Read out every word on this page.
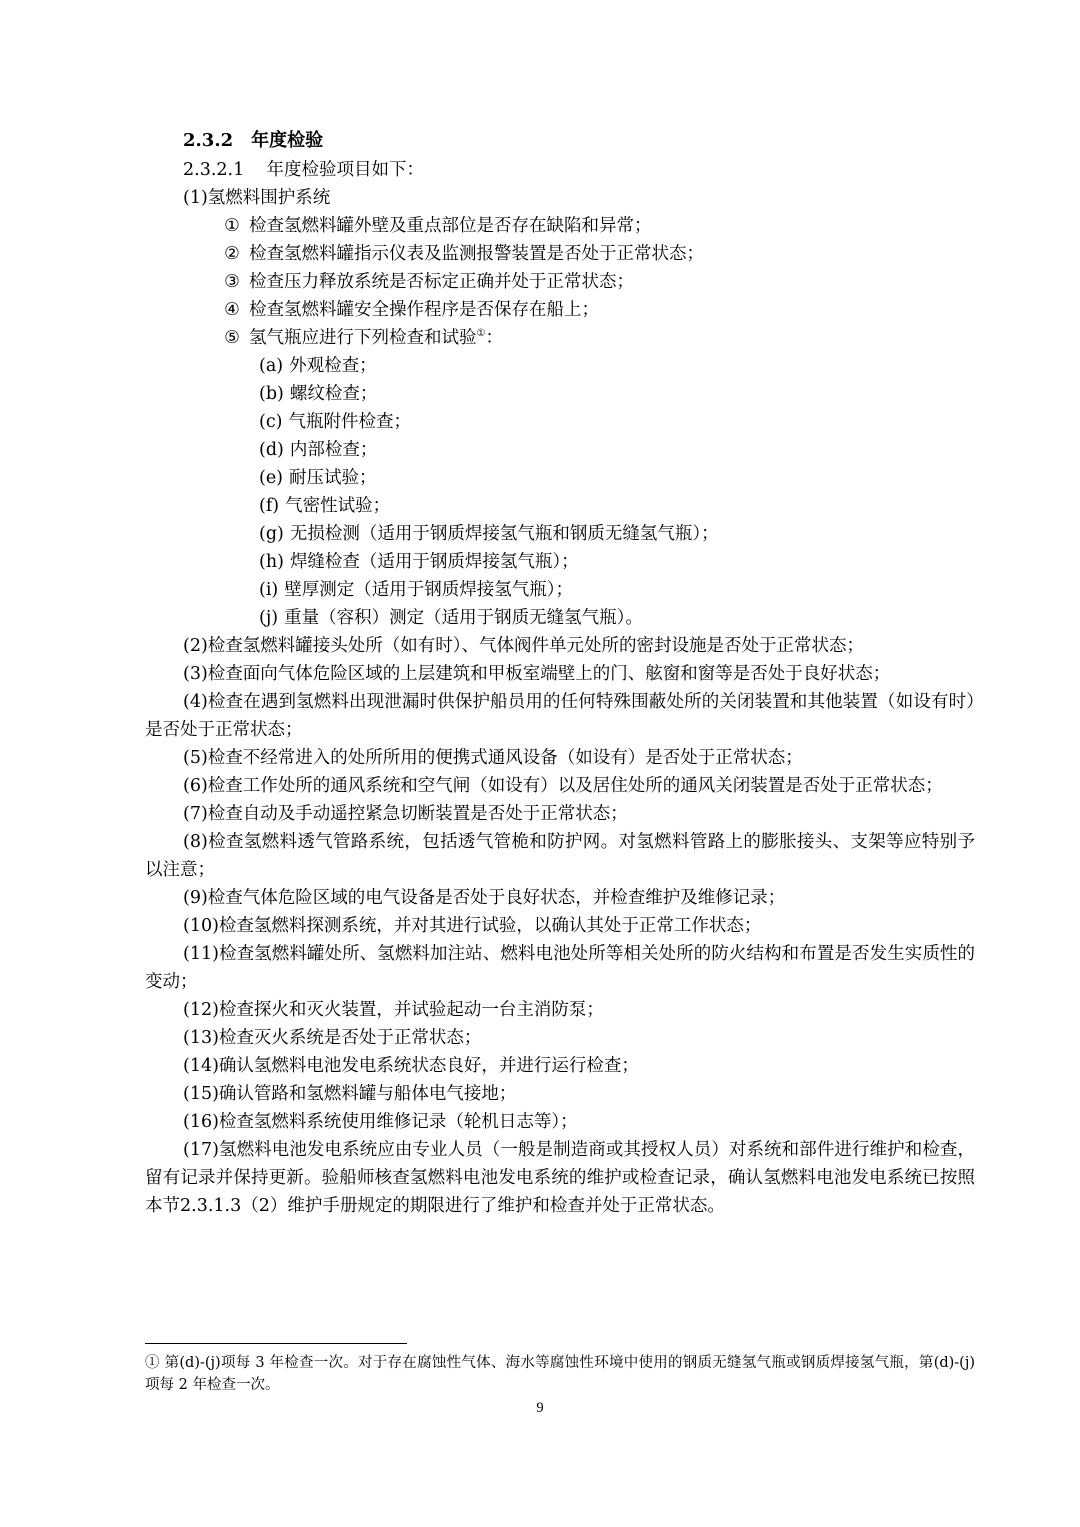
2.3.2 年度检验
2.3.2.1 年度检验项目如下：
(1)氢燃料围护系统
① 检查氢燃料罐外壁及重点部位是否存在缺陷和异常；
② 检查氢燃料罐指示仪表及监测报警装置是否处于正常状态；
③ 检查压力释放系统是否标定正确并处于正常状态；
④ 检查氢燃料罐安全操作程序是否保存在船上；
⑤ 氢气瓶应进行下列检查和试验①：
(a) 外观检查；
(b) 螺纹检查；
(c) 气瓶附件检查；
(d) 内部检查；
(e) 耐压试验；
(f) 气密性试验；
(g) 无损检测（适用于钢质焊接氢气瓶和钢质无缝氢气瓶）；
(h) 焊缝检查（适用于钢质焊接氢气瓶）；
(i) 壁厚测定（适用于钢质焊接氢气瓶）；
(j) 重量（容积）测定（适用于钢质无缝氢气瓶）。
(2)检查氢燃料罐接头处所（如有时）、气体阀件单元处所的密封设施是否处于正常状态；
(3)检查面向气体危险区域的上层建筑和甲板室端壁上的门、舷窗和窗等是否处于良好状态；
(4)检查在遇到氢燃料出现泄漏时供保护船员用的任何特殊围蔽处所的关闭装置和其他装置（如设有时）是否处于正常状态；
(5)检查不经常进入的处所所用的便携式通风设备（如设有）是否处于正常状态；
(6)检查工作处所的通风系统和空气闸（如设有）以及居住处所的通风关闭装置是否处于正常状态；
(7)检查自动及手动遥控紧急切断装置是否处于正常状态；
(8)检查氢燃料透气管路系统，包括透气管桅和防护网。对氢燃料管路上的膨胀接头、支架等应特别予以注意；
(9)检查气体危险区域的电气设备是否处于良好状态，并检查维护及维修记录；
(10)检查氢燃料探测系统，并对其进行试验，以确认其处于正常工作状态；
(11)检查氢燃料罐处所、氢燃料加注站、燃料电池处所等相关处所的防火结构和布置是否发生实质性的变动；
(12)检查探火和灭火装置，并试验起动一台主消防泵；
(13)检查灭火系统是否处于正常状态；
(14)确认氢燃料电池发电系统状态良好，并进行运行检查；
(15)确认管路和氢燃料罐与船体电气接地；
(16)检查氢燃料系统使用维修记录（轮机日志等）；
(17)氢燃料电池发电系统应由专业人员（一般是制造商或其授权人员）对系统和部件进行维护和检查，留有记录并保持更新。验船师核查氢燃料电池发电系统的维护或检查记录，确认氢燃料电池发电系统已按照本节2.3.1.3（2）维护手册规定的期限进行了维护和检查并处于正常状态。
① 第(d)-(j)项每 3 年检查一次。对于存在腐蚀性气体、海水等腐蚀性环境中使用的钢质无缝氢气瓶或钢质焊接氢气瓶，第(d)-(j)项每 2 年检查一次。
9
